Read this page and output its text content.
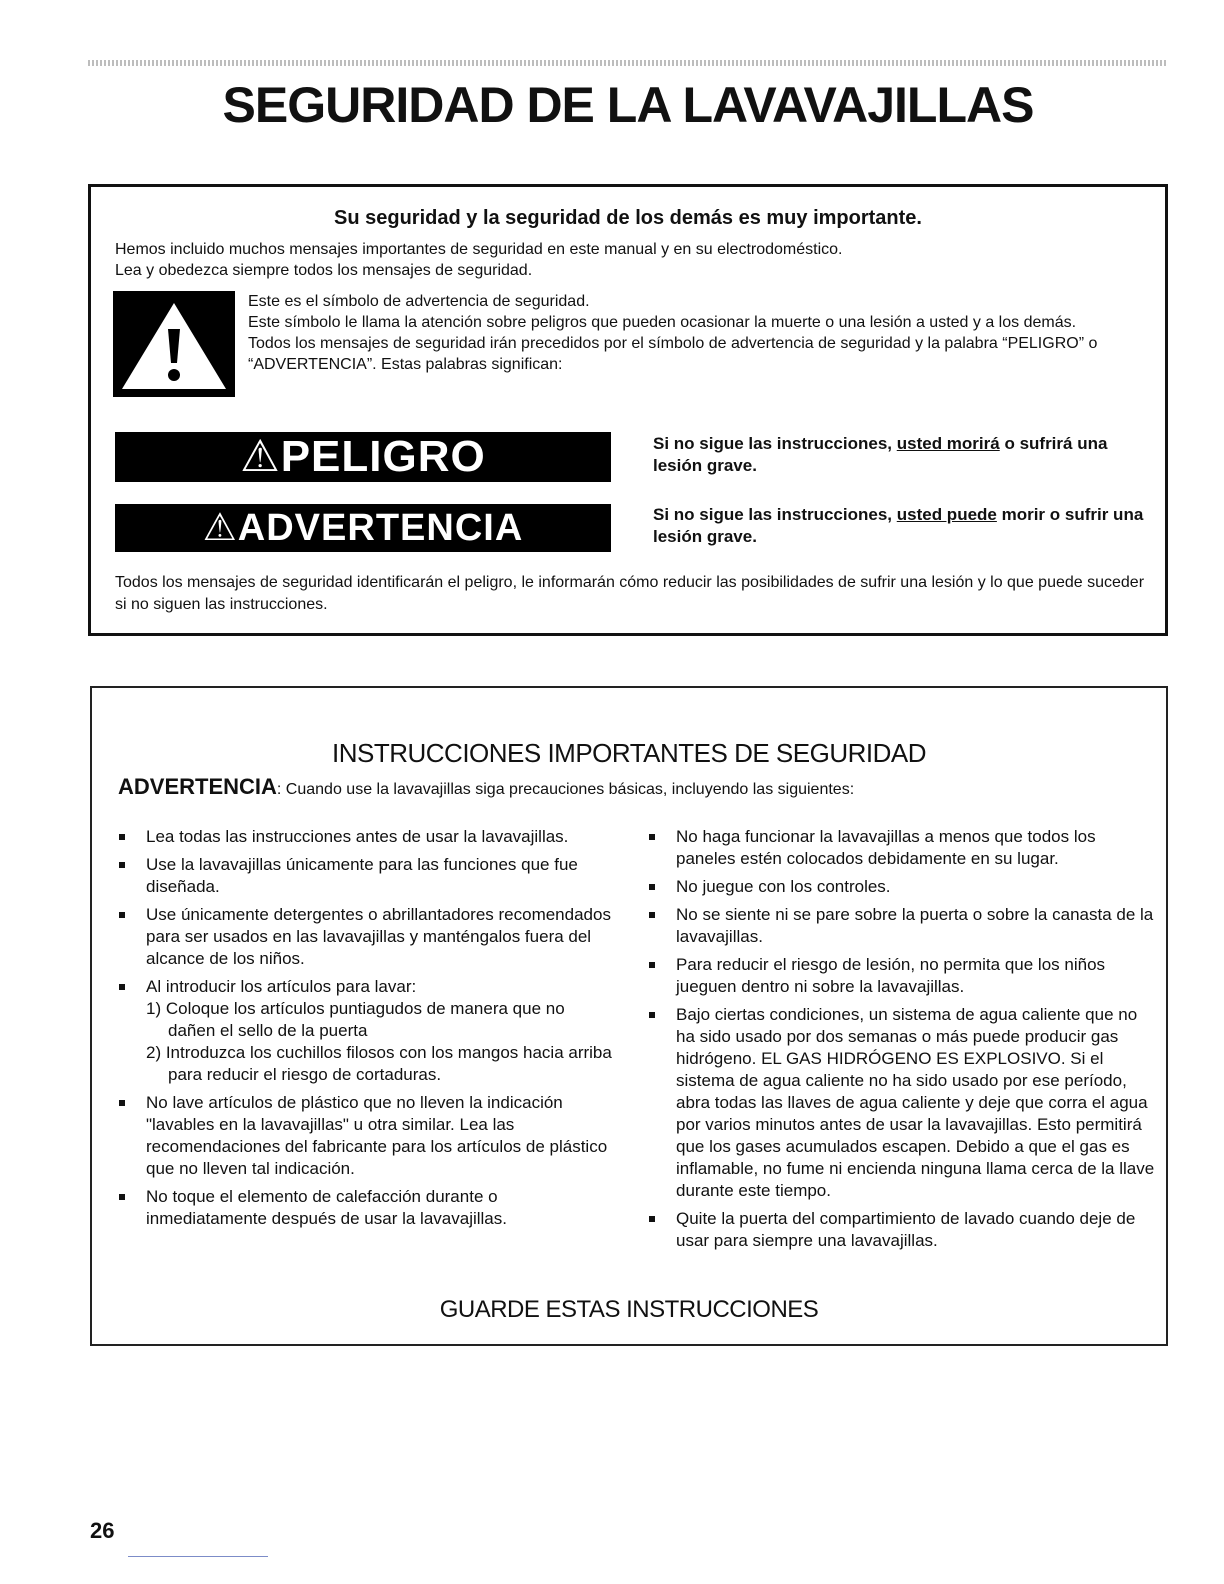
SEGURIDAD DE LA LAVAVAJILLAS
Su seguridad y la seguridad de los demás es muy importante.

Hemos incluido muchos mensajes importantes de seguridad en este manual y en su electrodoméstico.

Lea y obedezca siempre todos los mensajes de seguridad.

Este es el símbolo de advertencia de seguridad.

Este símbolo le llama la atención sobre peligros que pueden ocasionar la muerte o una lesión a usted y a los demás.

Todos los mensajes de seguridad irán precedidos por el símbolo de advertencia de seguridad y la palabra “PELIGRO” o “ADVERTENCIA”. Estas palabras significan:

⚠PELIGRO	Si no sigue las instrucciones, usted morirá o sufrirá una lesión grave.
⚠ADVERTENCIA	Si no sigue las instrucciones, usted puede morir o sufrir una lesión grave.

Todos los mensajes de seguridad identificarán el peligro, le informarán cómo reducir las posibilidades de sufrir una lesión y lo que puede suceder si no siguen las instrucciones.

INSTRUCCIONES IMPORTANTES DE SEGURIDAD

ADVERTENCIA: Cuando use la lavavajillas siga precauciones básicas, incluyendo las siguientes:

Lea todas las instrucciones antes de usar la lavavajillas.
Use la lavavajillas únicamente para las funciones que fue diseñada.
Use únicamente detergentes o abrillantadores recomendados para ser usados en las lavavajillas y manténgalos fuera del alcance de los niños.
Al introducir los artículos para lavar:
1) Coloque los artículos puntiagudos de manera que no dañen el sello de la puerta
2) Introduzca los cuchillos filosos con los mangos hacia arriba para reducir el riesgo de cortaduras.
No lave artículos de plástico que no lleven la indicación "lavables en la lavavajillas" u otra similar. Lea las recomendaciones del fabricante para los artículos de plástico que no lleven tal indicación.
No toque el elemento de calefacción durante o inmediatamente después de usar la lavavajillas.
No haga funcionar la lavavajillas a menos que todos los paneles estén colocados debidamente en su lugar.
No juegue con los controles.
No se siente ni se pare sobre la puerta o sobre la canasta de la lavavajillas.
Para reducir el riesgo de lesión, no permita que los niños jueguen dentro ni sobre la lavavajillas.
Bajo ciertas condiciones, un sistema de agua caliente que no ha sido usado por dos semanas o más puede producir gas hidrógeno. EL GAS HIDRÓGENO ES EXPLOSIVO. Si el sistema de agua caliente no ha sido usado por ese período, abra todas las llaves de agua caliente y deje que corra el agua por varios minutos antes de usar la lavavajillas. Esto permitirá que los gases acumulados escapen. Debido a que el gas es inflamable, no fume ni encienda ninguna llama cerca de la llave durante este tiempo.
Quite la puerta del compartimiento de lavado cuando deje de usar para siempre una lavavajillas.

GUARDE ESTAS INSTRUCCIONES

26
